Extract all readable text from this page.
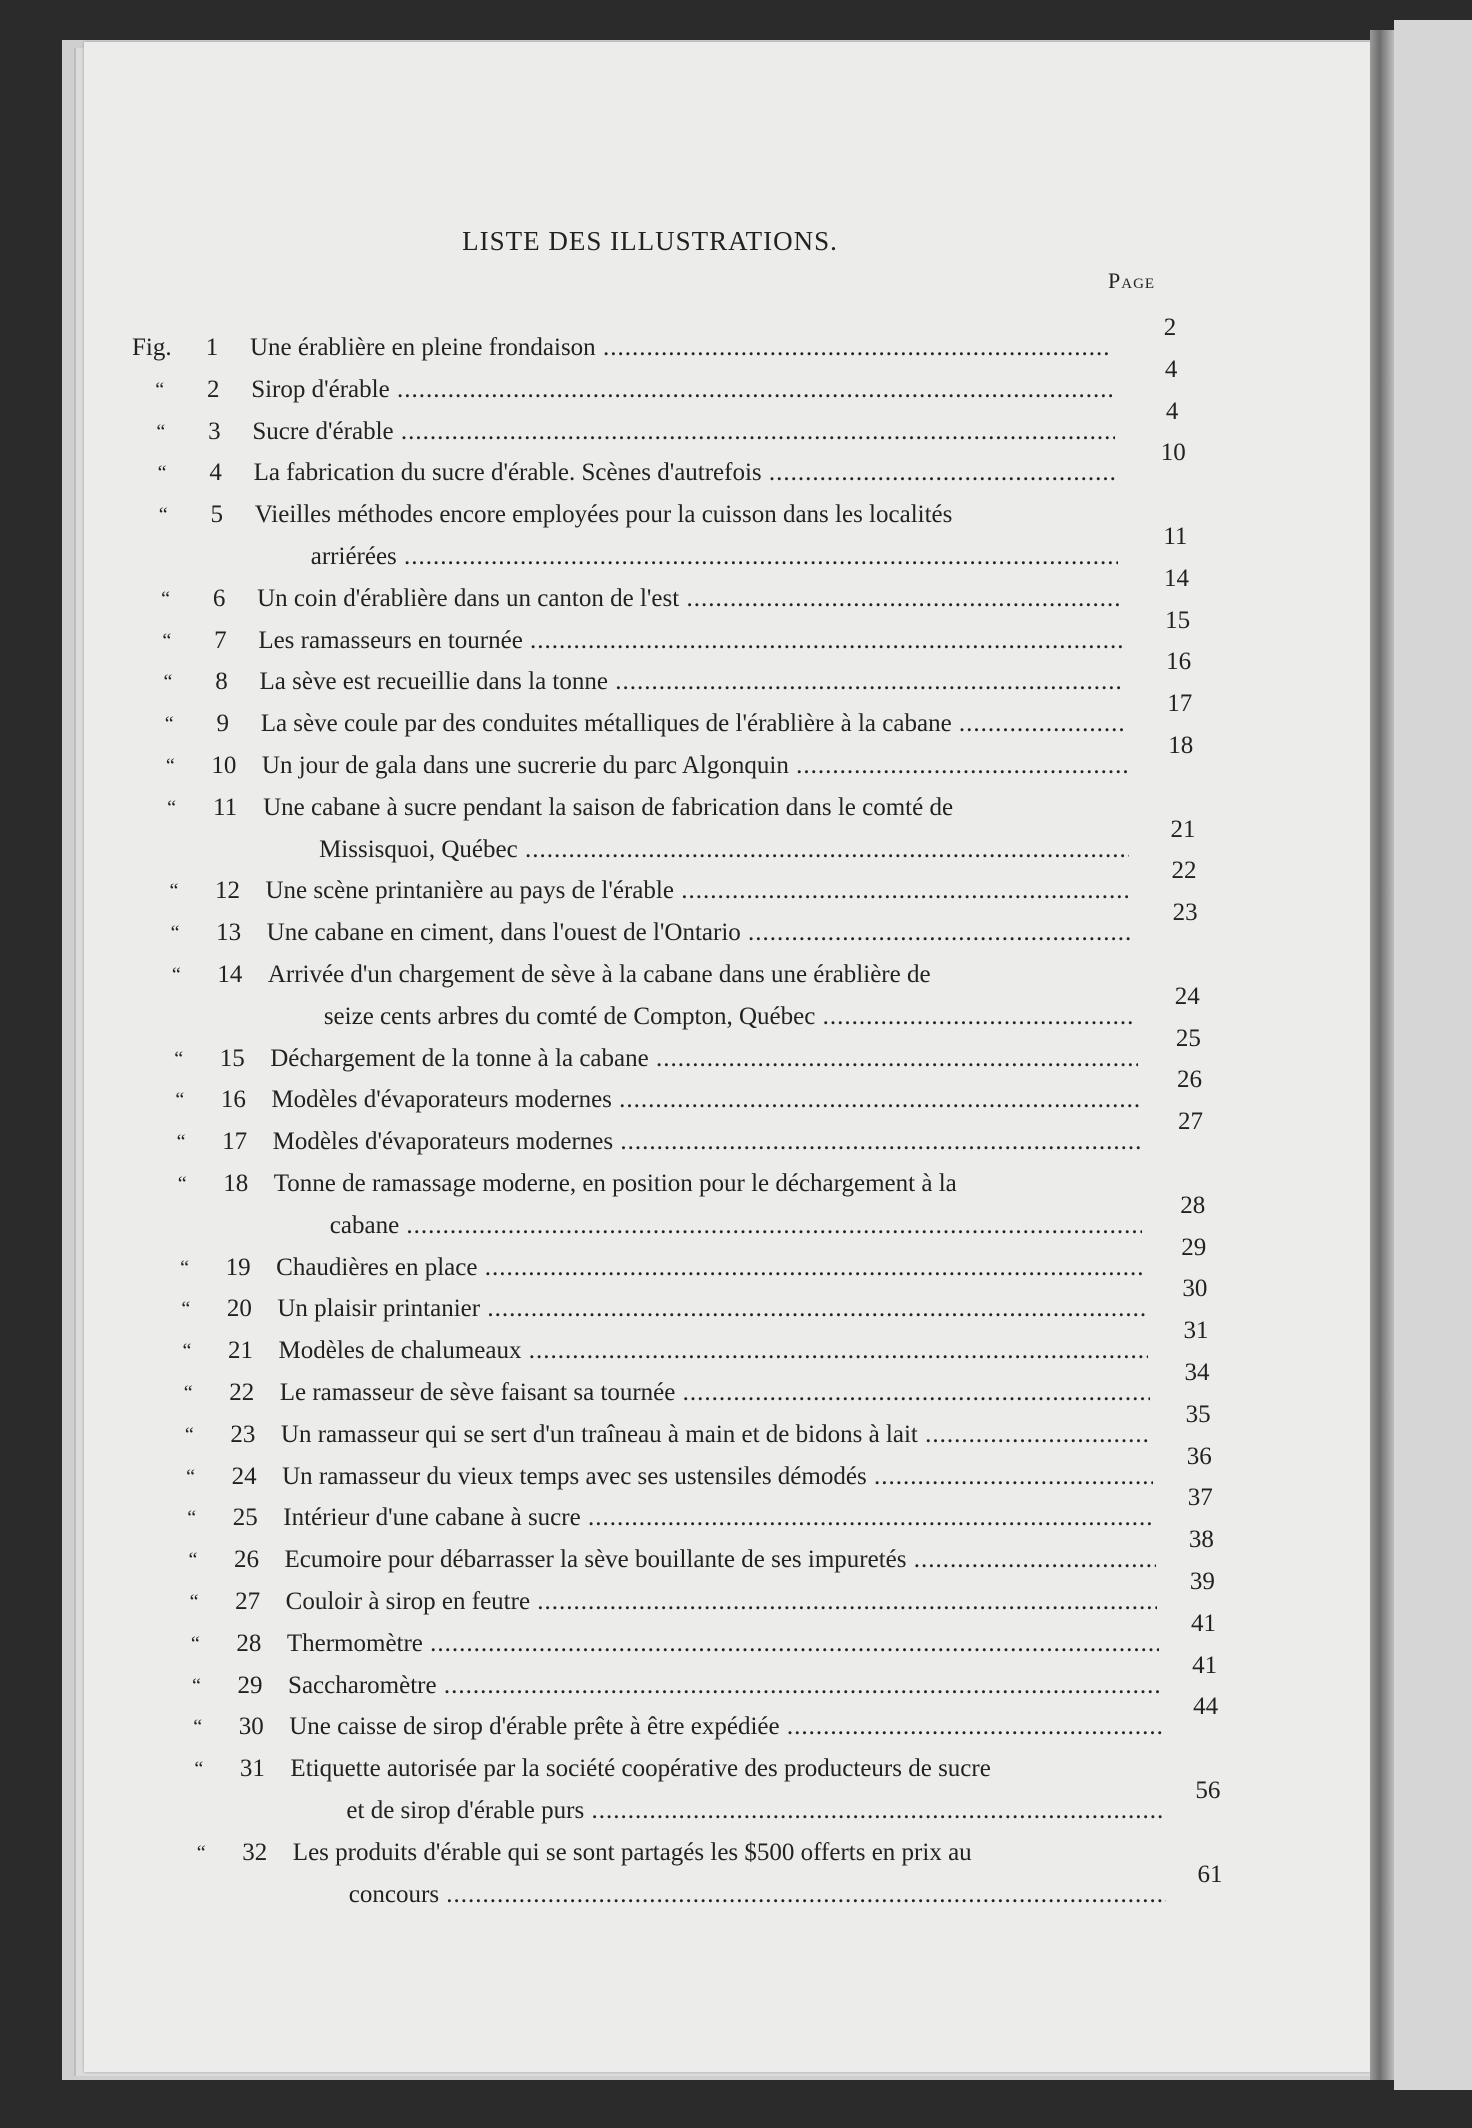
LISTE DES ILLUSTRATIONS.
Page
Fig.	1	Une érablière en pleine frondaison .....
2
“	2	Sirop d'érable .....
4
“	3	Sucre d'érable .....
4
“	4	La fabrication du sucre d'érable. Scènes d'autrefois .....
10
“	5	Vieilles méthodes encore employées pour la cuisson dans les localités
arriérées .....
11
“	6	Un coin d'érablière dans un canton de l'est .....
14
“	7	Les ramasseurs en tournée .....
15
“	8	La sève est recueillie dans la tonne .....
16
“	9	La sève coule par des conduites métalliques de l'érablière à la cabane .....
17
“	10	Un jour de gala dans une sucrerie du parc Algonquin .....
18
“	11	Une cabane à sucre pendant la saison de fabrication dans le comté de
Missisquoi, Québec .....
21
“	12	Une scène printanière au pays de l'érable .....
22
“	13	Une cabane en ciment, dans l'ouest de l'Ontario .....
23
“	14	Arrivée d'un chargement de sève à la cabane dans une érablière de
seize cents arbres du comté de Compton, Québec .....
24
“	15	Déchargement de la tonne à la cabane .....
25
“	16	Modèles d'évaporateurs modernes .....
26
“	17	Modèles d'évaporateurs modernes .....
27
“	18	Tonne de ramassage moderne, en position pour le déchargement à la
cabane .....
28
“	19	Chaudières en place .....
29
“	20	Un plaisir printanier .....
30
“	21	Modèles de chalumeaux .....
31
“	22	Le ramasseur de sève faisant sa tournée .....
34
“	23	Un ramasseur qui se sert d'un traîneau à main et de bidons à lait .....
35
“	24	Un ramasseur du vieux temps avec ses ustensiles démodés .....
36
“	25	Intérieur d'une cabane à sucre .....
37
“	26	Ecumoire pour débarrasser la sève bouillante de ses impuretés .....
38
“	27	Couloir à sirop en feutre .....
39
“	28	Thermomètre .....
41
“	29	Saccharomètre .....
41
“	30	Une caisse de sirop d'érable prête à être expédiée .....
44
“	31	Etiquette autorisée par la société coopérative des producteurs de sucre
et de sirop d'érable purs .....
56
“	32	Les produits d'érable qui se sont partagés les $500 offerts en prix au
concours .....
61
